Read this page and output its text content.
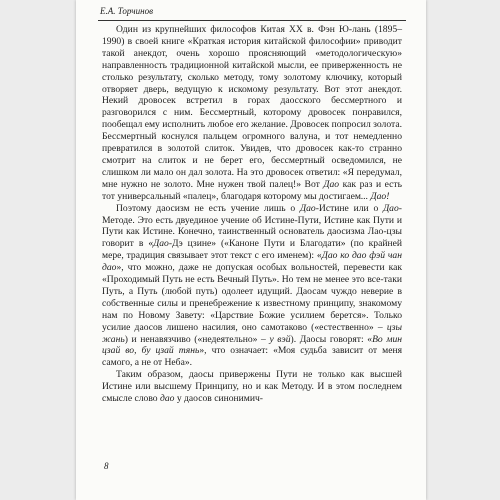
Е.А. Торчинов

Один из крупнейших философов Китая XX в. Фэн Ю-лань (1895–1990) в своей книге «Краткая история китайской философии» приводит такой анекдот, очень хорошо проясняющий «методологическую» направленность традиционной китайской мысли, ее приверженность не столько результату, сколько методу, тому золотому ключику, который отворяет дверь, ведущую к искомому результату. Вот этот анекдот. Некий дровосек встретил в горах даосского бессмертного и разговорился с ним. Бессмертный, которому дровосек понравился, пообещал ему исполнить любое его желание. Дровосек попросил золота. Бессмертный коснулся пальцем огромного валуна, и тот немедленно превратился в золотой слиток. Увидев, что дровосек как-то странно смотрит на слиток и не берет его, бессмертный осведомился, не слишком ли мало он дал золота. На это дровосек ответил: «Я передумал, мне нужно не золото. Мне нужен твой палец!» Вот Дао как раз и есть тот универсальный «палец», благодаря которому мы достигаем... Дао!

Поэтому даосизм не есть учение лишь о Дао-Истине или о Дао-Методе. Это есть двуединое учение об Истине-Пути, Истине как Пути и Пути как Истине. Конечно, таинственный основатель даосизма Лао-цзы говорит в «Дао-Дэ цзине» («Каноне Пути и Благодати» (по крайней мере, традиция связывает этот текст с его именем): «Дао ко дао фэй чан дао», что можно, даже не допуская особых вольностей, перевести как «Проходимый Путь не есть Вечный Путь». Но тем не менее это все-таки Путь, а Путь (любой путь) одолеет идущий. Даосам чуждо неверие в собственные силы и пренебрежение к известному принципу, знакомому нам по Новому Завету: «Царствие Божие усилием берется». Только усилие даосов лишено насилия, оно самотаково («естественно» – цзы жань) и ненавязчиво («недеятельно» – у вэй). Даосы говорят: «Во мин цзай во, бу цзай тянь», что означает: «Моя судьба зависит от меня самого, а не от Неба».

Таким образом, даосы привержены Пути не только как высшей Истине или высшему Принципу, но и как Методу. И в этом последнем смысле слово дао у даосов синонимич-

8
